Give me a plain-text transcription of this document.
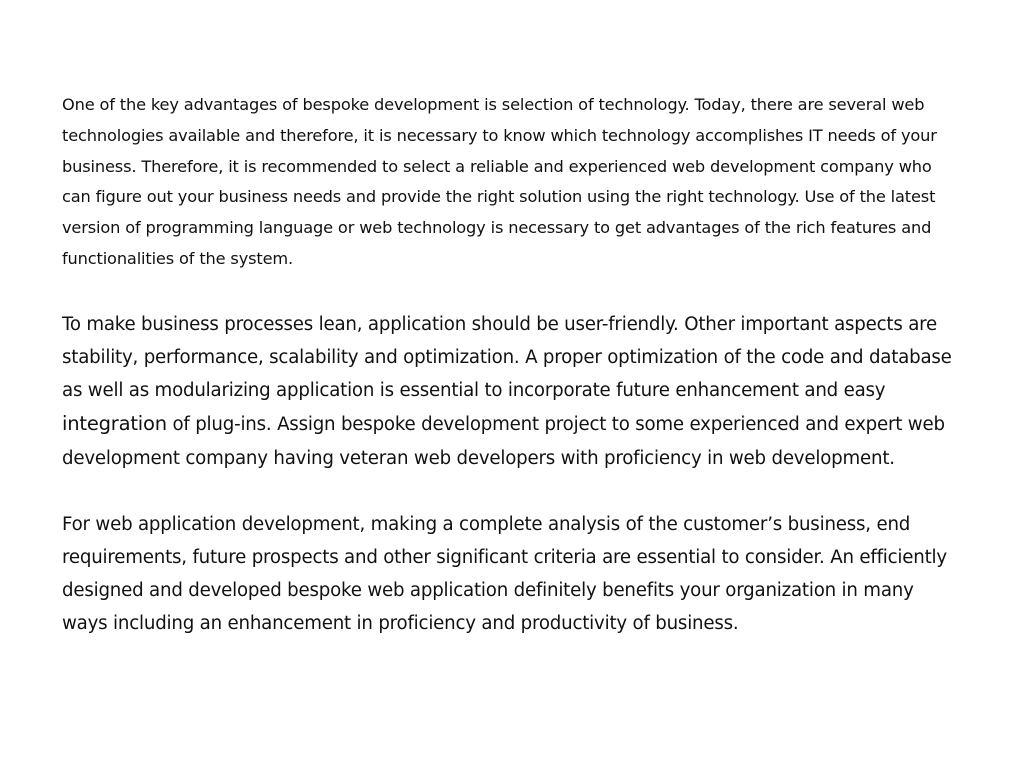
One of the key advantages of bespoke development is selection of technology. Today, there are several web technologies available and therefore, it is necessary to know which technology accomplishes IT needs of your business. Therefore, it is recommended to select a reliable and experienced web development company who can figure out your business needs and provide the right solution using the right technology. Use of the latest version of programming language or web technology is necessary to get advantages of the rich features and functionalities of the system.

To make business processes lean, application should be user-friendly. Other important aspects are stability, performance, scalability and optimization. A proper optimization of the code and database as well as modularizing application is essential to incorporate future enhancement and easy integration of plug-ins. Assign bespoke development project to some experienced and expert web development company having veteran web developers with proficiency in web development.

For web application development, making a complete analysis of the customer’s business, end requirements, future prospects and other significant criteria are essential to consider. An efficiently designed and developed bespoke web application definitely benefits your organization in many ways including an enhancement in proficiency and productivity of business.
